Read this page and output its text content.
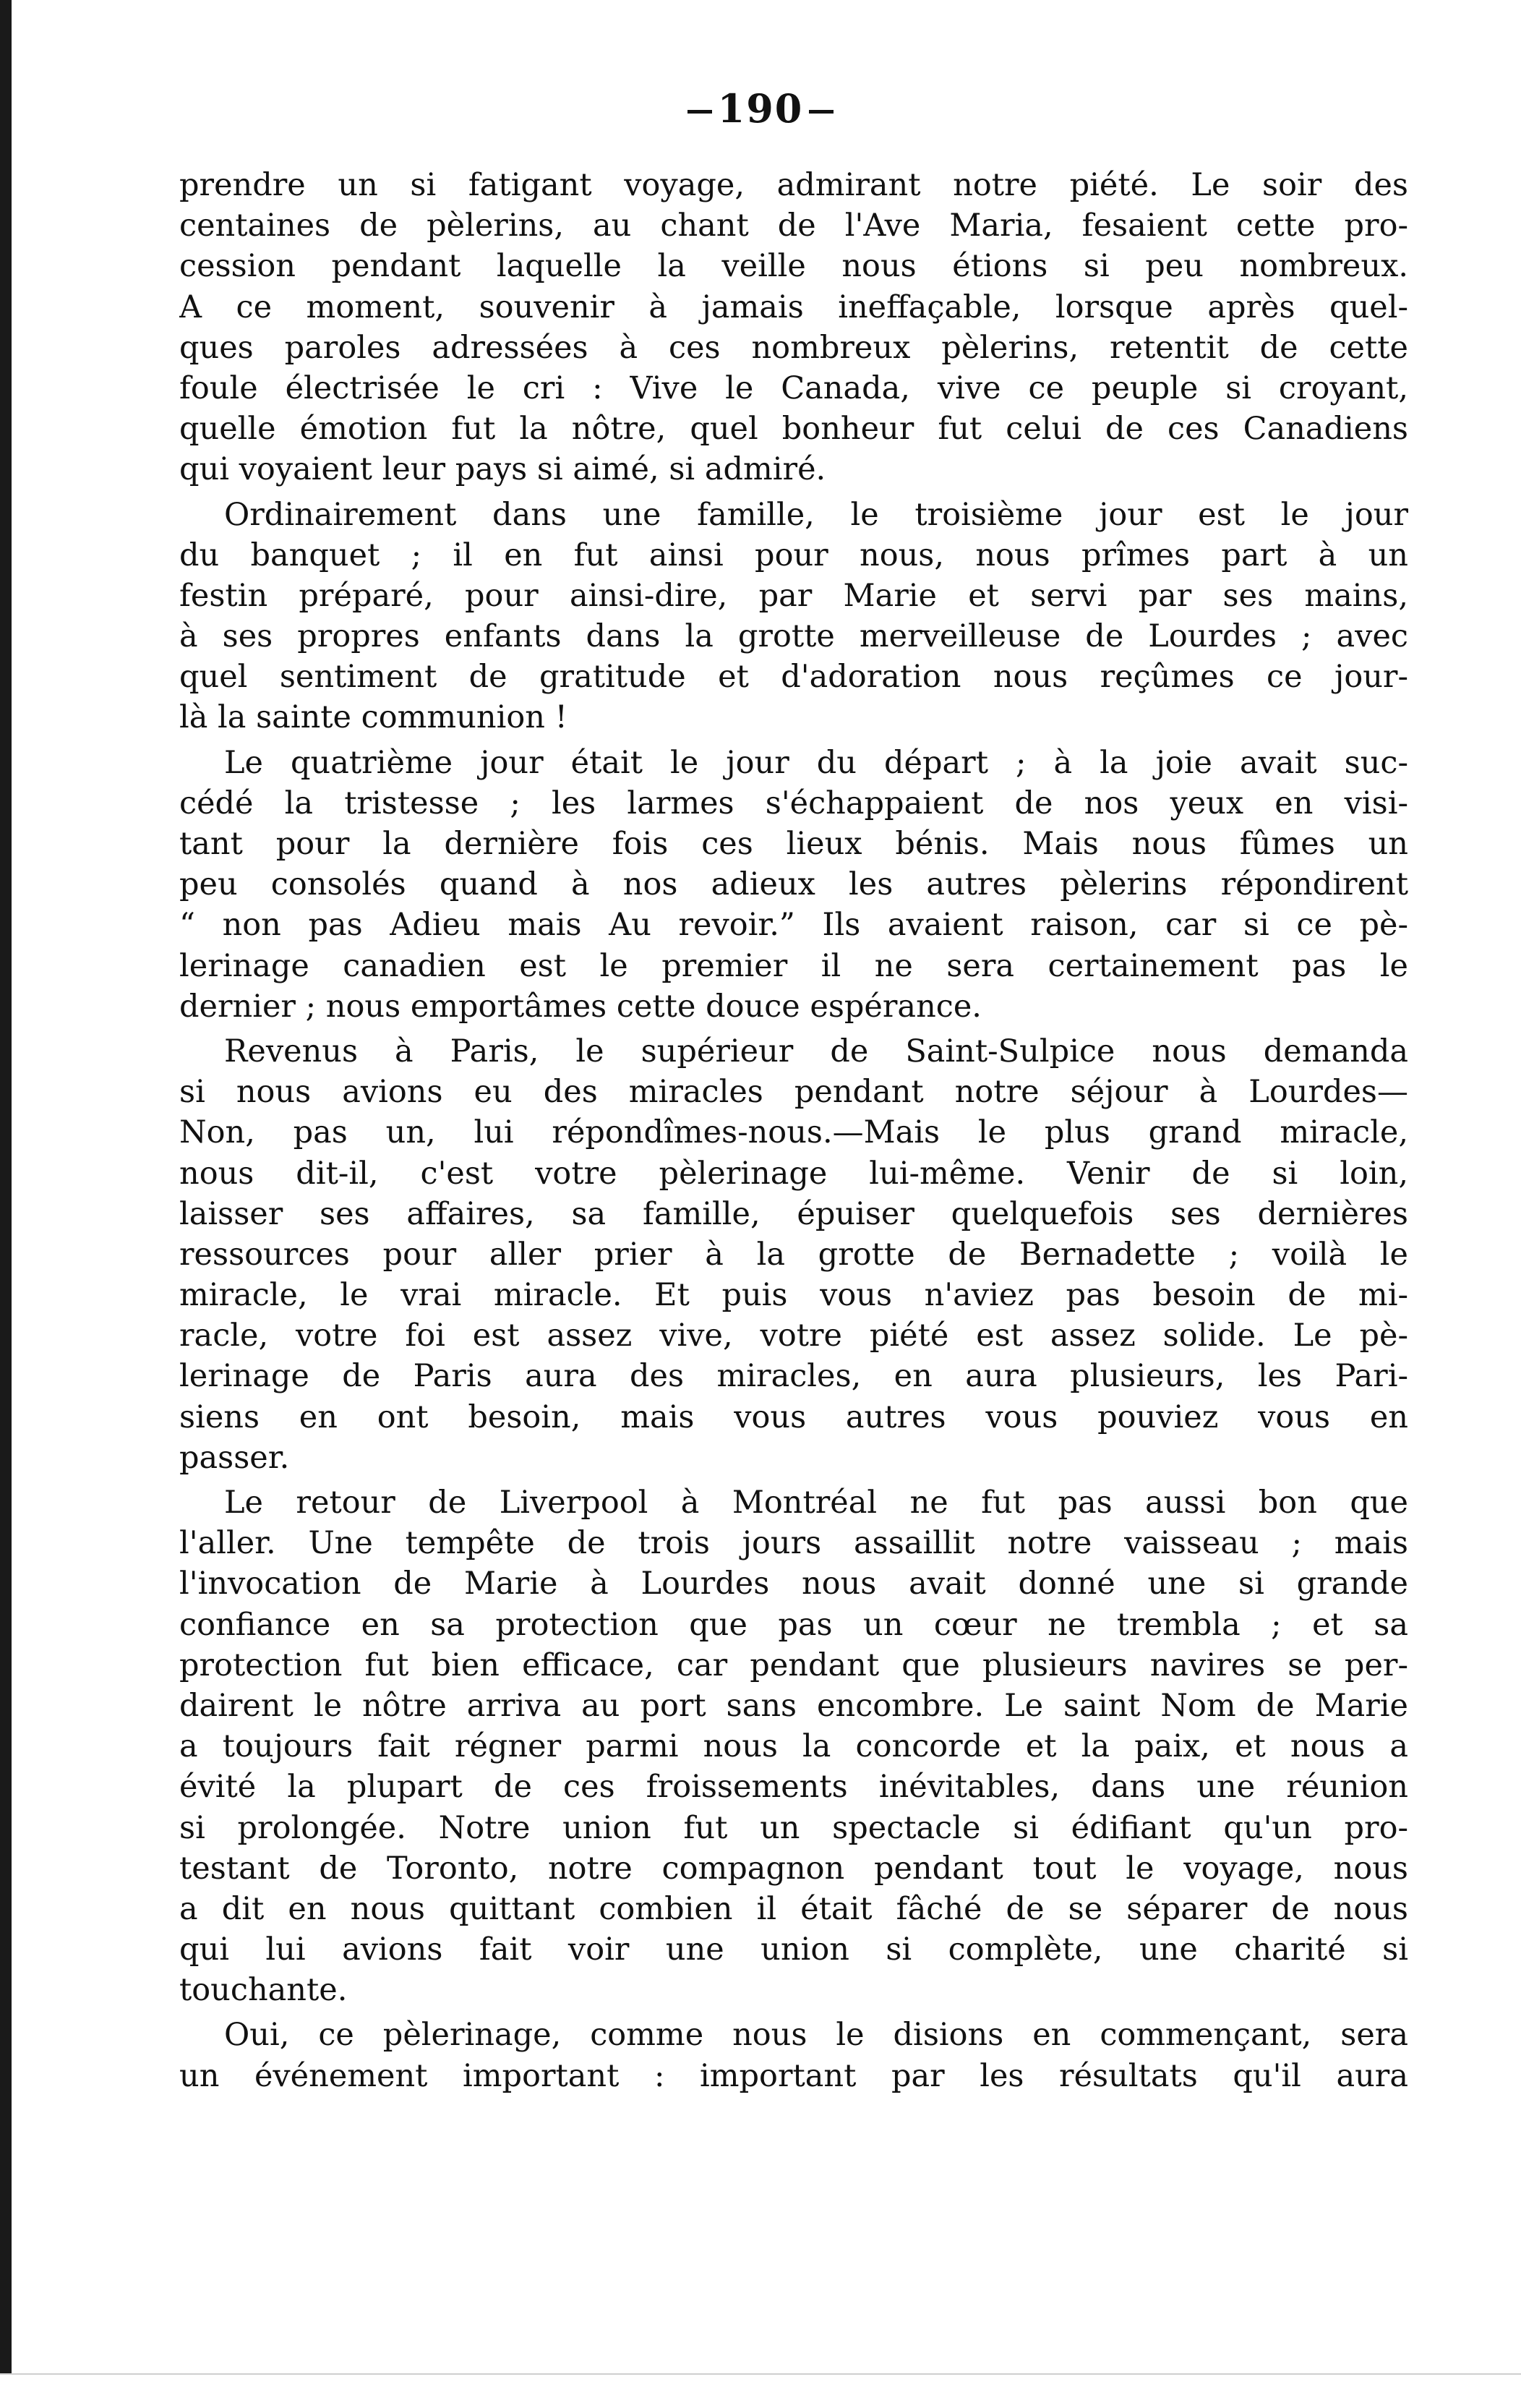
190
prendre un si fatigant voyage, admirant notre piété. Le soir des
centaines de pèlerins, au chant de l'Ave Maria, fesaient cette pro-
cession pendant laquelle la veille nous étions si peu nombreux.
A ce moment, souvenir à jamais ineffaçable, lorsque après quel-
ques paroles adressées à ces nombreux pèlerins, retentit de cette
foule électrisée le cri : Vive le Canada, vive ce peuple si croyant,
quelle émotion fut la nôtre, quel bonheur fut celui de ces Canadiens
qui voyaient leur pays si aimé, si admiré.
Ordinairement dans une famille, le troisième jour est le jour
du banquet ; il en fut ainsi pour nous, nous prîmes part à un
festin préparé, pour ainsi-dire, par Marie et servi par ses mains,
à ses propres enfants dans la grotte merveilleuse de Lourdes ; avec
quel sentiment de gratitude et d'adoration nous reçûmes ce jour-
là la sainte communion !
Le quatrième jour était le jour du départ ; à la joie avait suc-
cédé la tristesse ; les larmes s'échappaient de nos yeux en visi-
tant pour la dernière fois ces lieux bénis. Mais nous fûmes un
peu consolés quand à nos adieux les autres pèlerins répondirent
“ non pas Adieu mais Au revoir.” Ils avaient raison, car si ce pè-
lerinage canadien est le premier il ne sera certainement pas le
dernier ; nous emportâmes cette douce espérance.
Revenus à Paris, le supérieur de Saint-Sulpice nous demanda
si nous avions eu des miracles pendant notre séjour à Lourdes—
Non, pas un, lui répondîmes-nous.—Mais le plus grand miracle,
nous dit-il, c'est votre pèlerinage lui-même. Venir de si loin,
laisser ses affaires, sa famille, épuiser quelquefois ses dernières
ressources pour aller prier à la grotte de Bernadette ; voilà le
miracle, le vrai miracle. Et puis vous n'aviez pas besoin de mi-
racle, votre foi est assez vive, votre piété est assez solide. Le pè-
lerinage de Paris aura des miracles, en aura plusieurs, les Pari-
siens en ont besoin, mais vous autres vous pouviez vous en
passer.
Le retour de Liverpool à Montréal ne fut pas aussi bon que
l'aller. Une tempête de trois jours assaillit notre vaisseau ; mais
l'invocation de Marie à Lourdes nous avait donné une si grande
confiance en sa protection que pas un cœur ne trembla ; et sa
protection fut bien efficace, car pendant que plusieurs navires se per-
dairent le nôtre arriva au port sans encombre. Le saint Nom de Marie
a toujours fait régner parmi nous la concorde et la paix, et nous a
évité la plupart de ces froissements inévitables, dans une réunion
si prolongée. Notre union fut un spectacle si édifiant qu'un pro-
testant de Toronto, notre compagnon pendant tout le voyage, nous
a dit en nous quittant combien il était fâché de se séparer de nous
qui lui avions fait voir une union si complète, une charité si
touchante.
Oui, ce pèlerinage, comme nous le disions en commençant, sera
un événement important : important par les résultats qu'il aura
